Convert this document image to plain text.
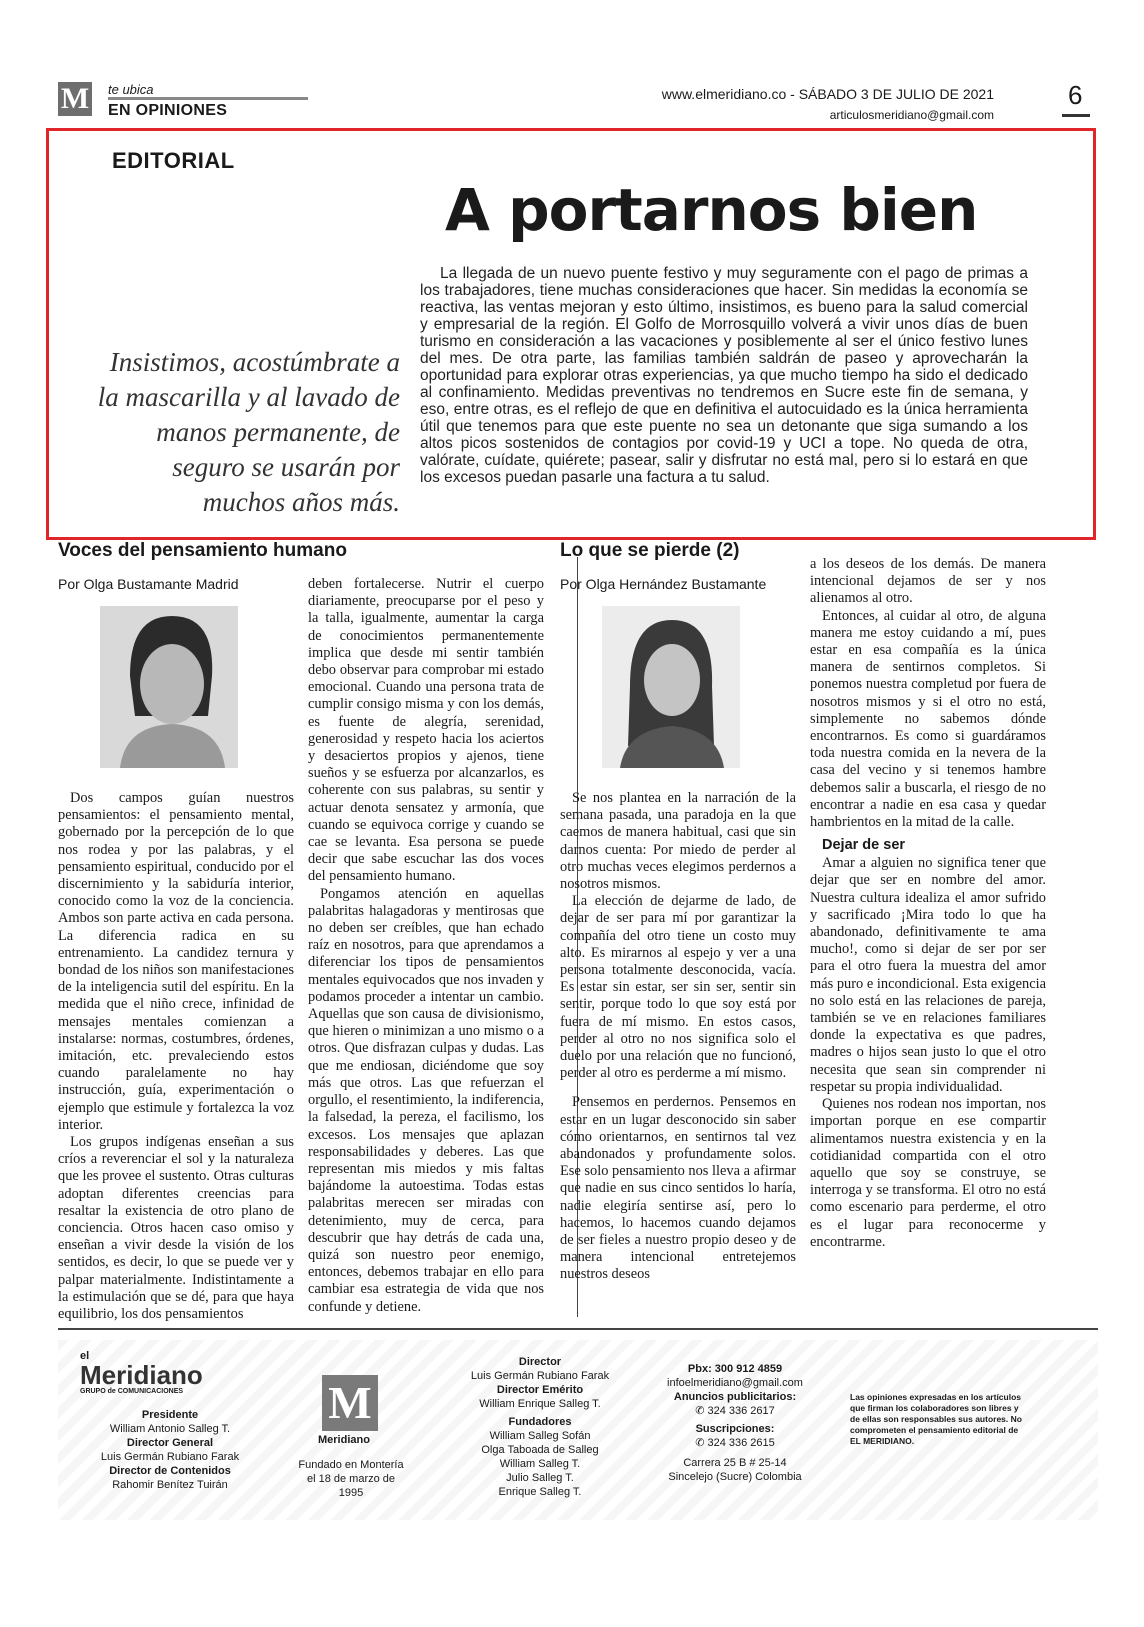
M te ubica
EN OPINIONES
www.elmeridiano.co - SÁBADO 3 DE JULIO DE 2021
articulosmeridiano@gmail.com
6
EDITORIAL
A portarnos bien
Insistimos, acostúmbrate a la mascarilla y al lavado de manos permanente, de seguro se usarán por muchos años más.

La llegada de un nuevo puente festivo y muy seguramente con el pago de primas a los trabajadores, tiene muchas consideraciones que hacer. Sin medidas la economía se reactiva, las ventas mejoran y esto último, insistimos, es bueno para la salud comercial y empresarial de la región. El Golfo de Morrosquillo volverá a vivir unos días de buen turismo en consideración a las vacaciones y posiblemente al ser el único festivo lunes del mes. De otra parte, las familias también saldrán de paseo y aprovecharán la oportunidad para explorar otras experiencias, ya que mucho tiempo ha sido el dedicado al confinamiento. Medidas preventivas no tendremos en Sucre este fin de semana, y eso, entre otras, es el reflejo de que en definitiva el autocuidado es la única herramienta útil que tenemos para que este puente no sea un detonante que siga sumando a los altos picos sostenidos de contagios por covid-19 y UCI a tope. No queda de otra, valórate, cuídate, quiérete; pasear, salir y disfrutar no está mal, pero si lo estará en que los excesos puedan pasarle una factura a tu salud.

Voces del pensamiento humano
Por Olga Bustamante Madrid

Dos campos guían nuestros pensamientos: el pensamiento mental, gobernado por la percepción de lo que nos rodea y por las palabras, y el pensamiento espiritual, conducido por el discernimiento y la sabiduría interior, conocido como la voz de la conciencia. Ambos son parte activa en cada persona. La diferencia radica en su entrenamiento. La candidez ternura y bondad de los niños son manifestaciones de la inteligencia sutil del espíritu. En la medida que el niño crece, infinidad de mensajes mentales comienzan a instalarse: normas, costumbres, órdenes, imitación, etc. prevaleciendo estos cuando paralelamente no hay instrucción, guía, experimentación o ejemplo que estimule y fortalezca la voz interior.

Los grupos indígenas enseñan a sus críos a reverenciar el sol y la naturaleza que les provee el sustento. Otras culturas adoptan diferentes creencias para resaltar la existencia de otro plano de conciencia. Otros hacen caso omiso y enseñan a vivir desde la visión de los sentidos, es decir, lo que se puede ver y palpar materialmente. Indistintamente a la estimulación que se dé, para que haya equilibrio, los dos pensamientos

deben fortalecerse. Nutrir el cuerpo diariamente, preocuparse por el peso y la talla, igualmente, aumentar la carga de conocimientos permanentemente implica que desde mi sentir también debo observar para comprobar mi estado emocional. Cuando una persona trata de cumplir consigo misma y con los demás, es fuente de alegría, serenidad, generosidad y respeto hacia los aciertos y desaciertos propios y ajenos, tiene sueños y se esfuerza por alcanzarlos, es coherente con sus palabras, su sentir y actuar denota sensatez y armonía, que cuando se equivoca corrige y cuando se cae se levanta. Esa persona se puede decir que sabe escuchar las dos voces del pensamiento humano.

Pongamos atención en aquellas palabritas halagadoras y mentirosas que no deben ser creíbles, que han echado raíz en nosotros, para que aprendamos a diferenciar los tipos de pensamientos mentales equivocados que nos invaden y podamos proceder a intentar un cambio. Aquellas que son causa de divisionismo, que hieren o minimizan a uno mismo o a otros. Que disfrazan culpas y dudas. Las que me endiosan, diciéndome que soy más que otros. Las que refuerzan el orgullo, el resentimiento, la indiferencia, la falsedad, la pereza, el facilismo, los excesos. Los mensajes que aplazan responsabilidades y deberes. Las que representan mis miedos y mis faltas bajándome la autoestima. Todas estas palabritas merecen ser miradas con detenimiento, muy de cerca, para descubrir que hay detrás de cada una, quizá son nuestro peor enemigo, entonces, debemos trabajar en ello para cambiar esa estrategia de vida que nos confunde y detiene.

Lo que se pierde (2)
Por Olga Hernández Bustamante

Se nos plantea en la narración de la semana pasada, una paradoja en la que caemos de manera habitual, casi que sin darnos cuenta: Por miedo de perder al otro muchas veces elegimos perdernos a nosotros mismos.

La elección de dejarme de lado, de dejar de ser para mí por garantizar la compañía del otro tiene un costo muy alto. Es mirarnos al espejo y ver a una persona totalmente desconocida, vacía. Es estar sin estar, ser sin ser, sentir sin sentir, porque todo lo que soy está por fuera de mí mismo. En estos casos, perder al otro no nos significa solo el duelo por una relación que no funcionó, perder al otro es perderme a mí mismo.

Pensemos en perdernos. Pensemos en estar en un lugar desconocido sin saber cómo orientarnos, en sentirnos tal vez abandonados y profundamente solos. Ese solo pensamiento nos lleva a afirmar que nadie en sus cinco sentidos lo haría, nadie elegiría sentirse así, pero lo hacemos, lo hacemos cuando dejamos de ser fieles a nuestro propio deseo y de manera intencional entretejemos nuestros deseos

a los deseos de los demás. De manera intencional dejamos de ser y nos alienamos al otro.

Entonces, al cuidar al otro, de alguna manera me estoy cuidando a mí, pues estar en esa compañía es la única manera de sentirnos completos. Si ponemos nuestra completud por fuera de nosotros mismos y si el otro no está, simplemente no sabemos dónde encontrarnos. Es como si guardáramos toda nuestra comida en la nevera de la casa del vecino y si tenemos hambre debemos salir a buscarla, el riesgo de no encontrar a nadie en esa casa y quedar hambrientos en la mitad de la calle.

Dejar de ser

Amar a alguien no significa tener que dejar que ser en nombre del amor. Nuestra cultura idealiza el amor sufrido y sacrificado ¡Mira todo lo que ha abandonado, definitivamente te ama mucho!, como si dejar de ser por ser para el otro fuera la muestra del amor más puro e incondicional. Esta exigencia no solo está en las relaciones de pareja, también se ve en relaciones familiares donde la expectativa es que padres, madres o hijos sean justo lo que el otro necesita que sean sin comprender ni respetar su propia individualidad.

Quienes nos rodean nos importan, nos importan porque en ese compartir alimentamos nuestra existencia y en la cotidianidad compartida con el otro aquello que soy se construye, se interroga y se transforma. El otro no está como escenario para perderme, el otro es el lugar para reconocerme y encontrarme.

el
Meridiano
GRUPO de COMUNICACIONES
Presidente
William Antonio Salleg T.
Director General
Luis Germán Rubiano Farak
Director de Contenidos
Rahomir Benítez Tuirán
M
Meridiano
Fundado en Montería el 18 de marzo de 1995
Director
Luis Germán Rubiano Farak
Director Emérito
William Enrique Salleg T.
Fundadores
William Salleg Sofán
Olga Taboada de Salleg
William Salleg T.
Julio Salleg T.
Enrique Salleg T.
Pbx: 300 912 4859
infoelmeridiano@gmail.com
Anuncios publicitarios:
✆ 324 336 2617
Suscripciones:
✆ 324 336 2615
Carrera 25 B # 25-14
Sincelejo (Sucre) Colombia
Las opiniones expresadas en los artículos que firman los colaboradores son libres y de ellas son responsables sus autores. No comprometen el pensamiento editorial de EL MERIDIANO.
